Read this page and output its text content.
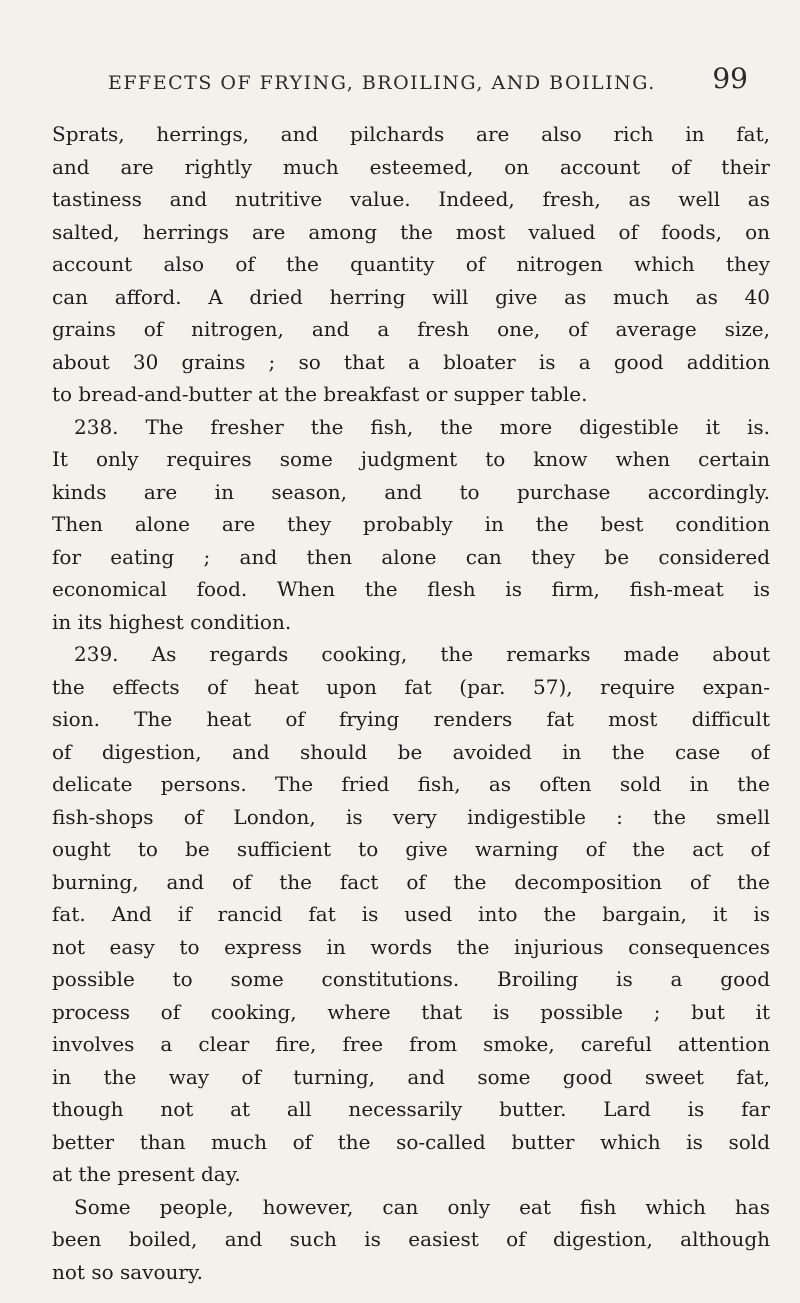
EFFECTS OF FRYING, BROILING, AND BOILING. 99
Sprats, herrings, and pilchards are also rich in fat,
and are rightly much esteemed, on account of their
tastiness and nutritive value. Indeed, fresh, as well as
salted, herrings are among the most valued of foods, on
account also of the quantity of nitrogen which they
can afford. A dried herring will give as much as 40
grains of nitrogen, and a fresh one, of average size,
about 30 grains ; so that a bloater is a good addition
to bread-and-butter at the breakfast or supper table.
238. The fresher the fish, the more digestible it is.
It only requires some judgment to know when certain
kinds are in season, and to purchase accordingly.
Then alone are they probably in the best condition
for eating ; and then alone can they be considered
economical food. When the flesh is firm, fish-meat is
in its highest condition.
239. As regards cooking, the remarks made about
the effects of heat upon fat (par. 57), require expan-
sion. The heat of frying renders fat most difficult
of digestion, and should be avoided in the case of
delicate persons. The fried fish, as often sold in the
fish-shops of London, is very indigestible : the smell
ought to be sufficient to give warning of the act of
burning, and of the fact of the decomposition of the
fat. And if rancid fat is used into the bargain, it is
not easy to express in words the injurious consequences
possible to some constitutions. Broiling is a good
process of cooking, where that is possible ; but it
involves a clear fire, free from smoke, careful attention
in the way of turning, and some good sweet fat,
though not at all necessarily butter. Lard is far
better than much of the so-called butter which is sold
at the present day.
Some people, however, can only eat fish which has
been boiled, and such is easiest of digestion, although
not so savoury.
